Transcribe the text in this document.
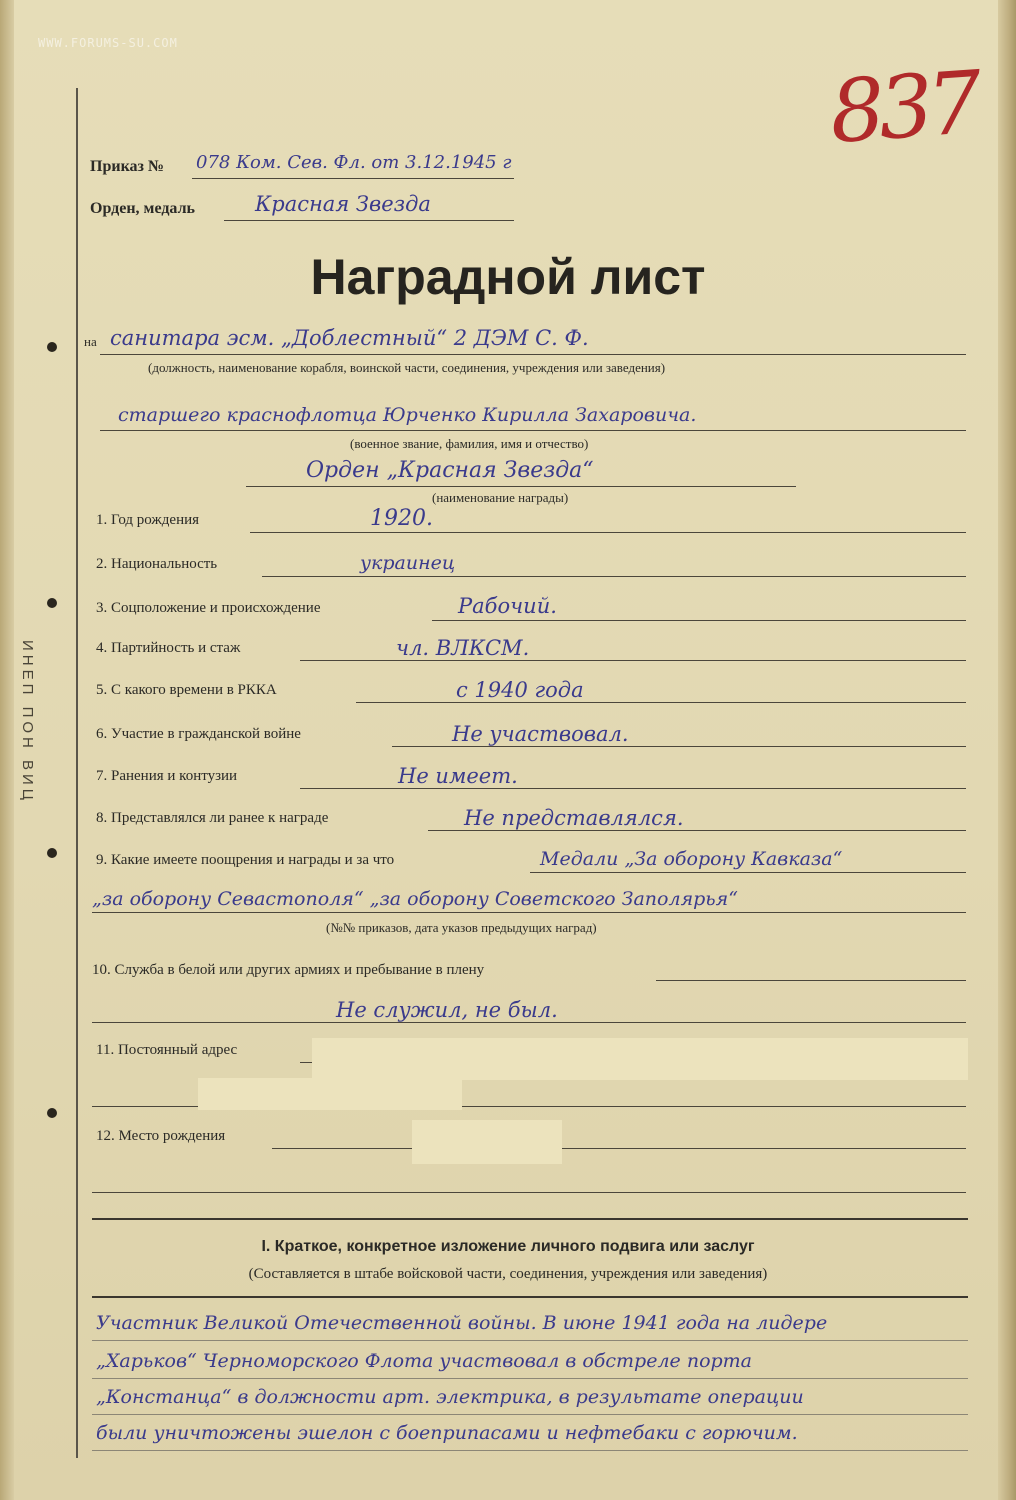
WWW.FORUMS-SU.COM
837
ИНЕП ПОН ВИЦ
Приказ № 078 Ком. Сев. Фл. от 3.12.1945 г
Орден, медаль	Красная Звезда
Наградной лист
на санитара эсм. „Доблестный“ 2 ДЭМ С. Ф.
(должность, наименование корабля, воинской части, соединения, учреждения или заведения)
старшего краснофлотца Юрченко Кирилла Захаровича.
(военное звание, фамилия, имя и отчество)
Орден „Красная Звезда“
(наименование награды)
1. Год рождения	1920.
2. Национальность	украинец
3. Соцположение и происхождение	Рабочий.
4. Партийность и стаж	чл. ВЛКСМ.
5. С какого времени в РККА	с 1940 года
6. Участие в гражданской войне	Не участвовал.
7. Ранения и контузии	Не имеет.
8. Представлялся ли ранее к награде	Не представлялся.
9. Какие имеете поощрения и награды и за что	Медали „За оборону Кавказа“
„за оборону Севастополя“ „за оборону Советского Заполярья“
(№№ приказов, дата указов предыдущих наград)
10. Служба в белой или других армиях и пребывание в плену
Не служил, не был.
11. Постоянный адрес
12. Место рождения
I. Краткое, конкретное изложение личного подвига или заслуг
(Составляется в штабе войсковой части, соединения, учреждения или заведения)
Участник Великой Отечественной войны. В июне 1941 года на лидере
„Харьков“ Черноморского Флота участвовал в обстреле порта
„Констанца“ в должности арт. электрика, в результате операции
были уничтожены эшелон с боеприпасами и нефтебаки с горючим.
